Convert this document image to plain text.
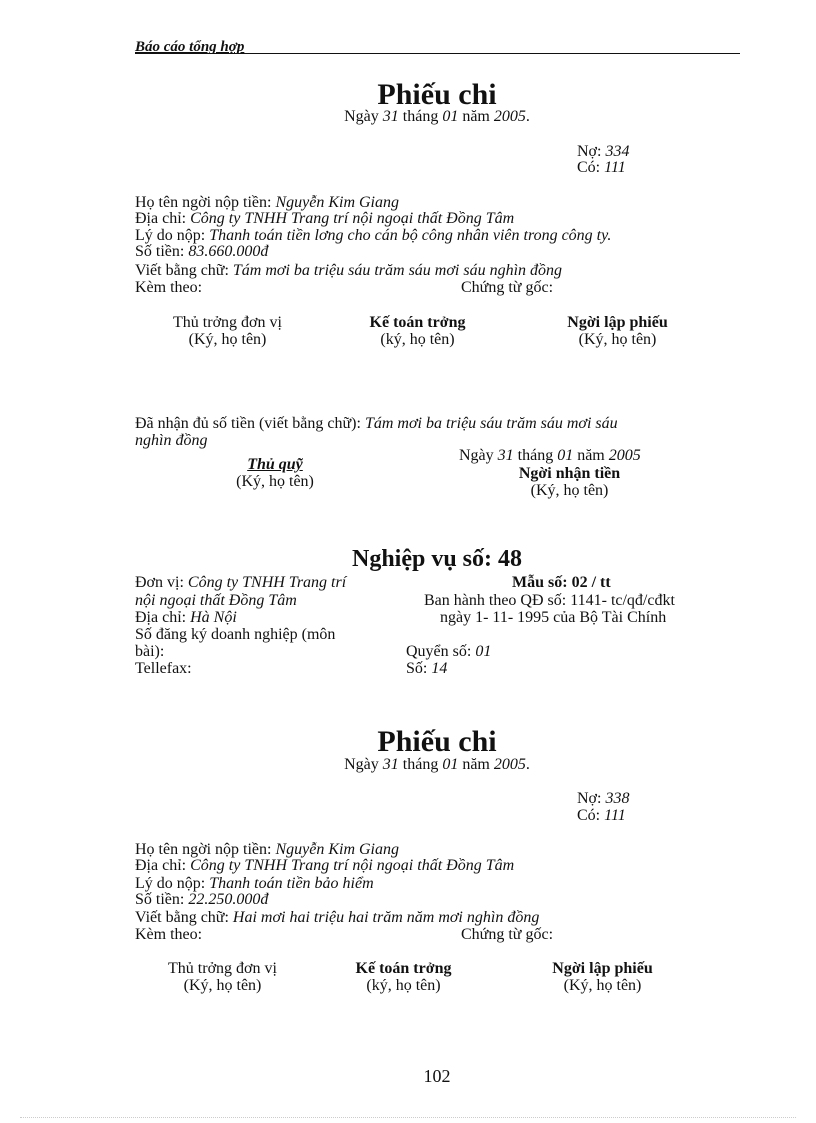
Báo cáo tổng hợp
Phiếu chi
Ngày 31 tháng 01 năm 2005.
Nợ: 334
Có: 111
Họ tên ngời nộp tiền: Nguyễn Kim Giang
Địa chỉ: Công ty TNHH Trang trí nội ngoại thất Đồng Tâm
Lý do nộp: Thanh toán tiền lơng cho cán bộ công nhân viên trong công ty.
Số tiền: 83.660.000đ
Viết bằng chữ: Tám mơi ba triệu sáu trăm sáu mơi sáu nghìn đồng
Kèm theo:	Chứng từ gốc:
Thủ trởng đơn vị
(Ký, họ tên)
Kế toán trởng
(ký, họ tên)
Ngời lập phiếu
(Ký, họ tên)
Đã nhận đủ số tiền (viết bằng chữ): Tám mơi ba triệu sáu trăm sáu mơi sáu
nghìn đồng
Thủ quỹ
(Ký, họ tên)
Ngày 31 tháng 01 năm 2005
Ngời nhận tiền
(Ký, họ tên)
Nghiệp vụ số: 48
Đơn vị: Công ty TNHH Trang trí
nội ngoại thất Đồng Tâm
Địa chỉ: Hà Nội
Số đăng ký doanh nghiệp (môn
bài):
Tellefax:
Mẫu số: 02 / tt
Ban hành theo QĐ số: 1141- tc/qđ/cđkt
ngày 1- 11- 1995 của Bộ Tài Chính
Quyển số: 01
Số: 14
Phiếu chi
Ngày 31 tháng 01 năm 2005.
Nợ: 338
Có: 111
Họ tên ngời nộp tiền: Nguyễn Kim Giang
Địa chỉ: Công ty TNHH Trang trí nội ngoại thất Đồng Tâm
Lý do nộp: Thanh toán tiền bảo hiểm
Số tiền: 22.250.000đ
Viết bằng chữ: Hai mơi hai triệu hai trăm năm mơi nghìn đồng
Kèm theo:	Chứng từ gốc:
Thủ trởng đơn vị
(Ký, họ tên)
Kế toán trởng
(ký, họ tên)
Ngời lập phiếu
(Ký, họ tên)
102
